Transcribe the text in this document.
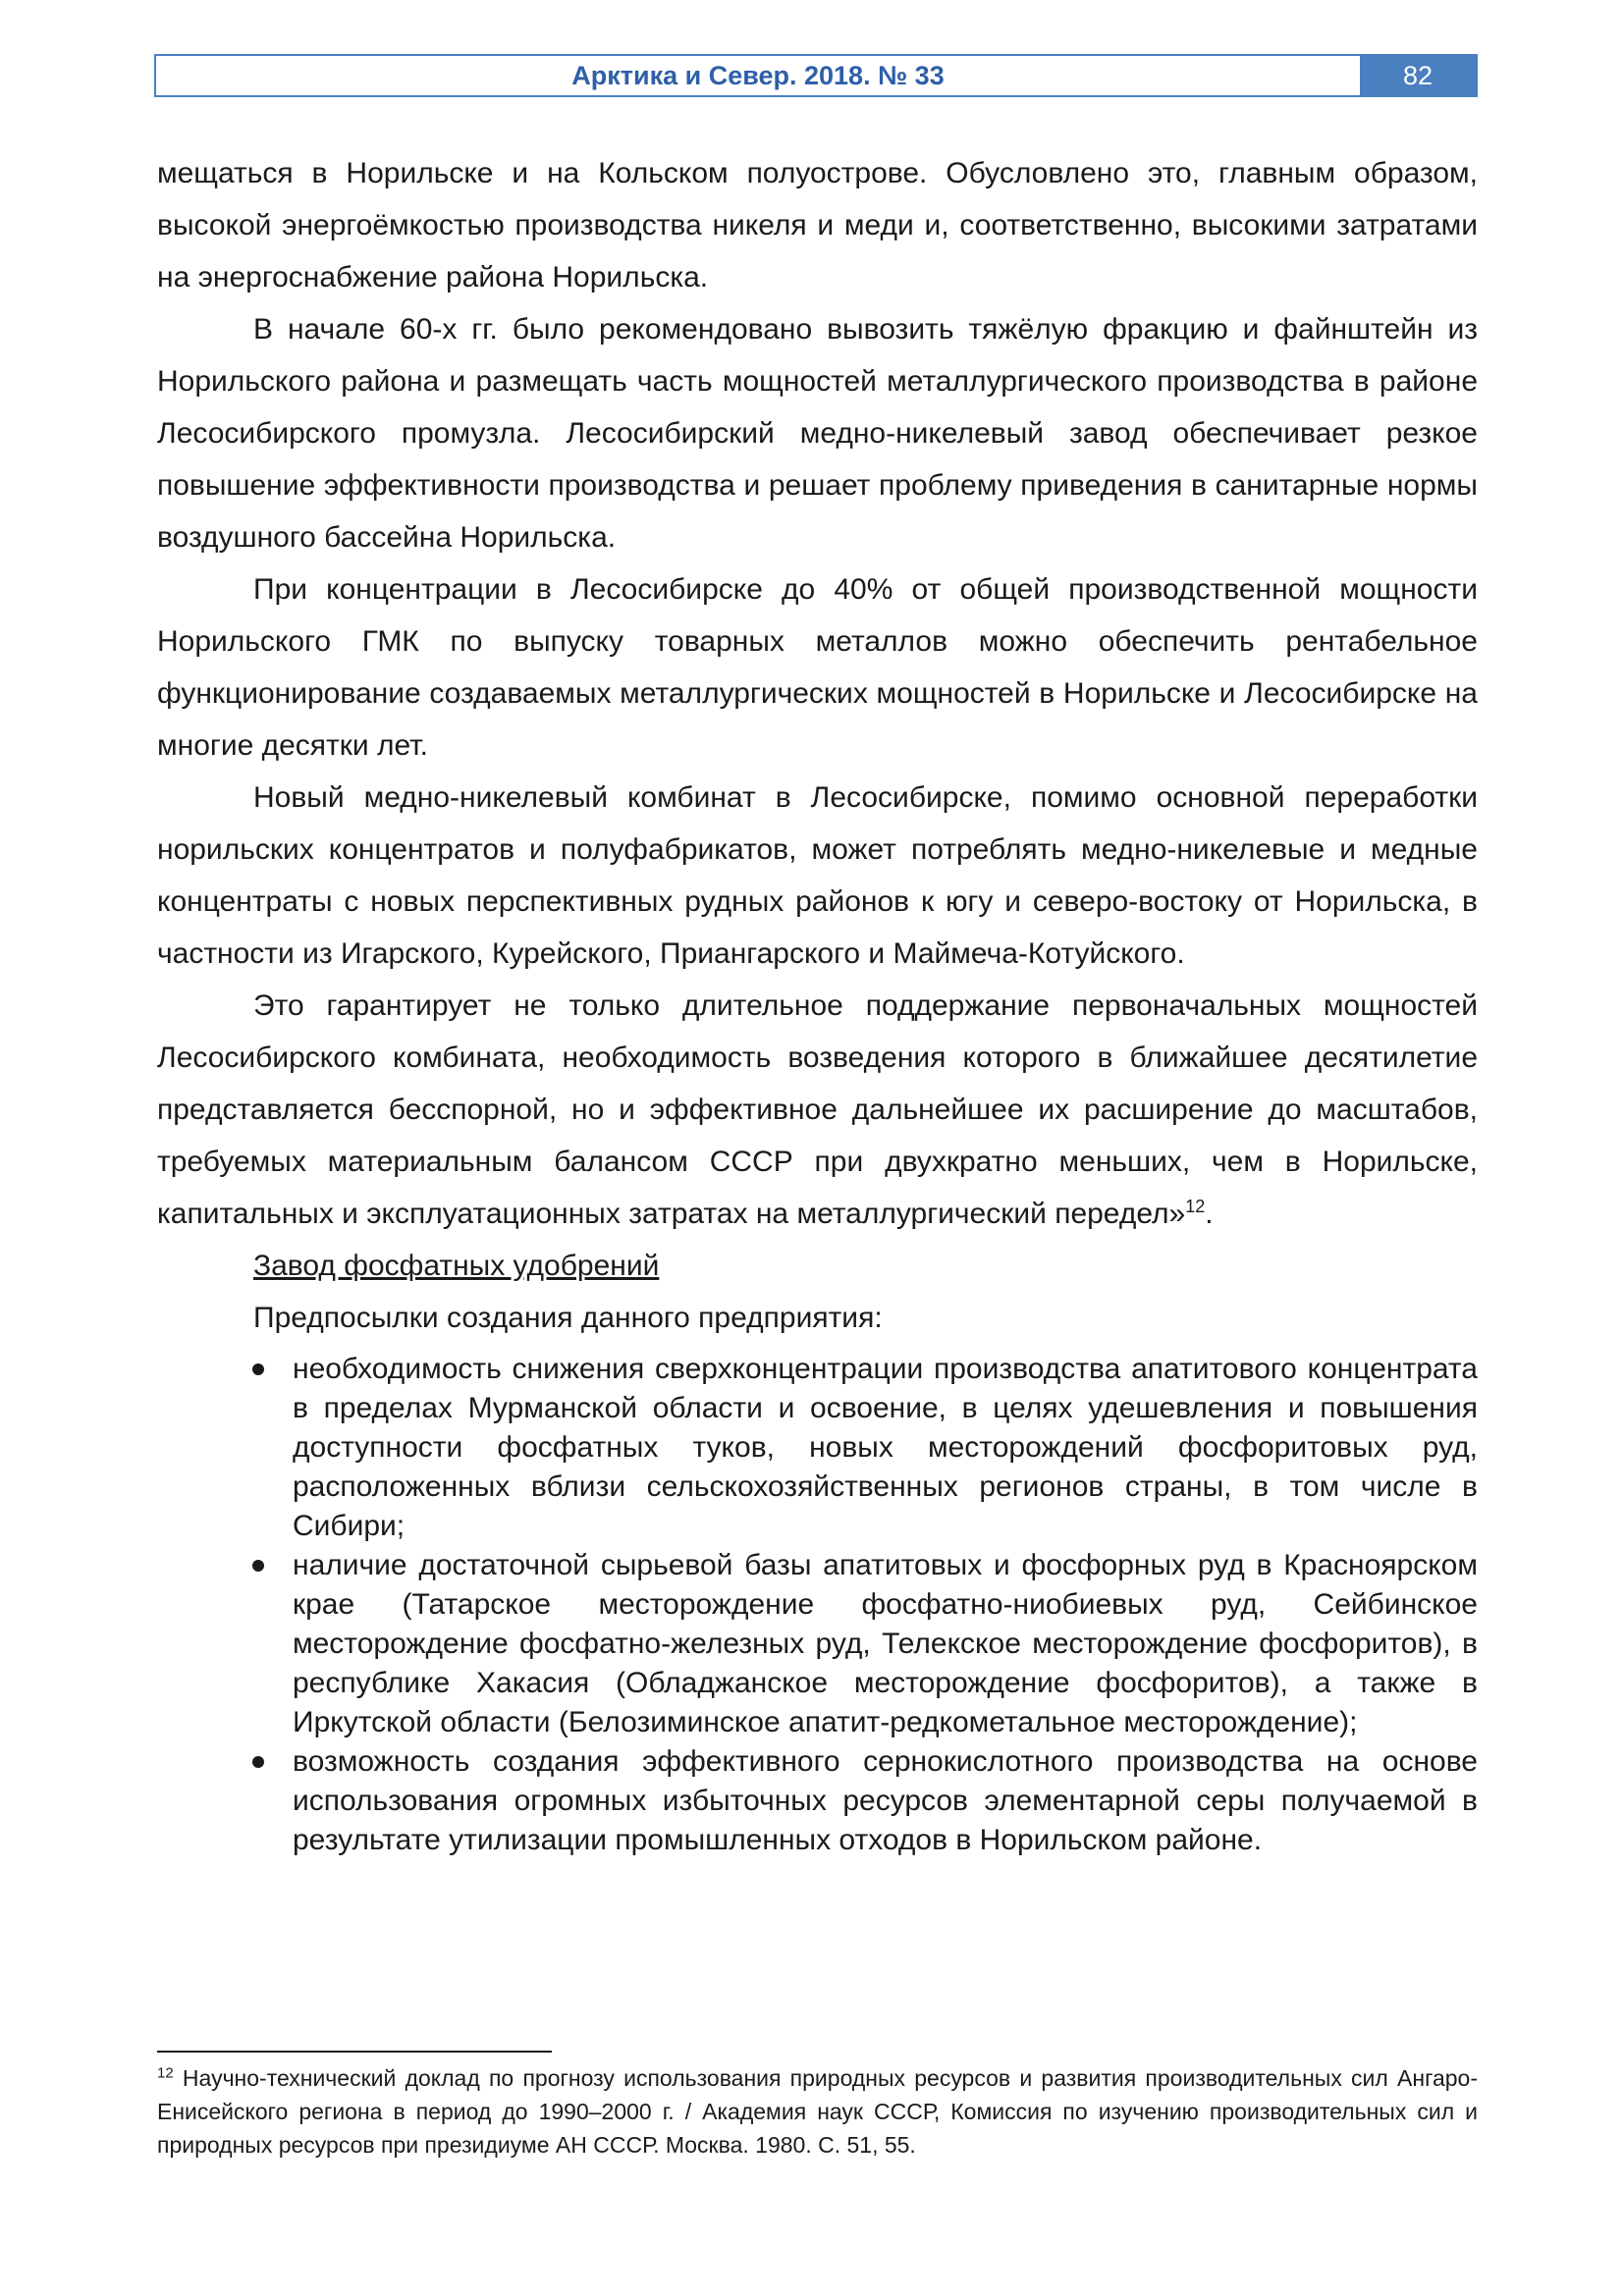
Арктика и Север. 2018. № 33	82

мещаться в Норильске и на Кольском полуострове. Обусловлено это, главным образом, высокой энергоёмкостью производства никеля и меди и, соответственно, высокими затратами на энергоснабжение района Норильска.

В начале 60-х гг. было рекомендовано вывозить тяжёлую фракцию и файнштейн из Норильского района и размещать часть мощностей металлургического производства в районе Лесосибирского промузла. Лесосибирский медно-никелевый завод обеспечивает резкое повышение эффективности производства и решает проблему приведения в санитарные нормы воздушного бассейна Норильска.

При концентрации в Лесосибирске до 40% от общей производственной мощности Норильского ГМК по выпуску товарных металлов можно обеспечить рентабельное функционирование создаваемых металлургических мощностей в Норильске и Лесосибирске на многие десятки лет.

Новый медно-никелевый комбинат в Лесосибирске, помимо основной переработки норильских концентратов и полуфабрикатов, может потреблять медно-никелевые и медные концентраты с новых перспективных рудных районов к югу и северо-востоку от Норильска, в частности из Игарского, Курейского, Приангарского и Маймеча-Котуйского.

Это гарантирует не только длительное поддержание первоначальных мощностей Лесосибирского комбината, необходимость возведения которого в ближайшее десятилетие представляется бесспорной, но и эффективное дальнейшее их расширение до масштабов, требуемых материальным балансом СССР при двухкратно меньших, чем в Норильске, капитальных и эксплуатационных затратах на металлургический передел»$^{12}$.

Завод фосфатных удобрений

Предпосылки создания данного предприятия:

необходимость снижения сверхконцентрации производства апатитового концентрата в пределах Мурманской области и освоение, в целях удешевления и повышения доступности фосфатных туков, новых месторождений фосфоритовых руд, расположенных вблизи сельскохозяйственных регионов страны, в том числе в Сибири;
наличие достаточной сырьевой базы апатитовых и фосфорных руд в Красноярском крае (Татарское месторождение фосфатно-ниобиевых руд, Сейбинское месторождение фосфатно-железных руд, Телекское месторождение фосфоритов), в республике Хакасия (Обладжанское месторождение фосфоритов), а также в Иркутской области (Белозиминское апатит-редкометальное месторождение);
возможность создания эффективного сернокислотного производства на основе использования огромных избыточных ресурсов элементарной серы получаемой в результате утилизации промышленных отходов в Норильском районе.

$^{12}$ Научно-технический доклад по прогнозу использования природных ресурсов и развития производительных сил Ангаро-Енисейского региона в период до 1990–2000 г. / Академия наук СССР, Комиссия по изучению производительных сил и природных ресурсов при президиуме АН СССР. Москва. 1980. С. 51, 55.
